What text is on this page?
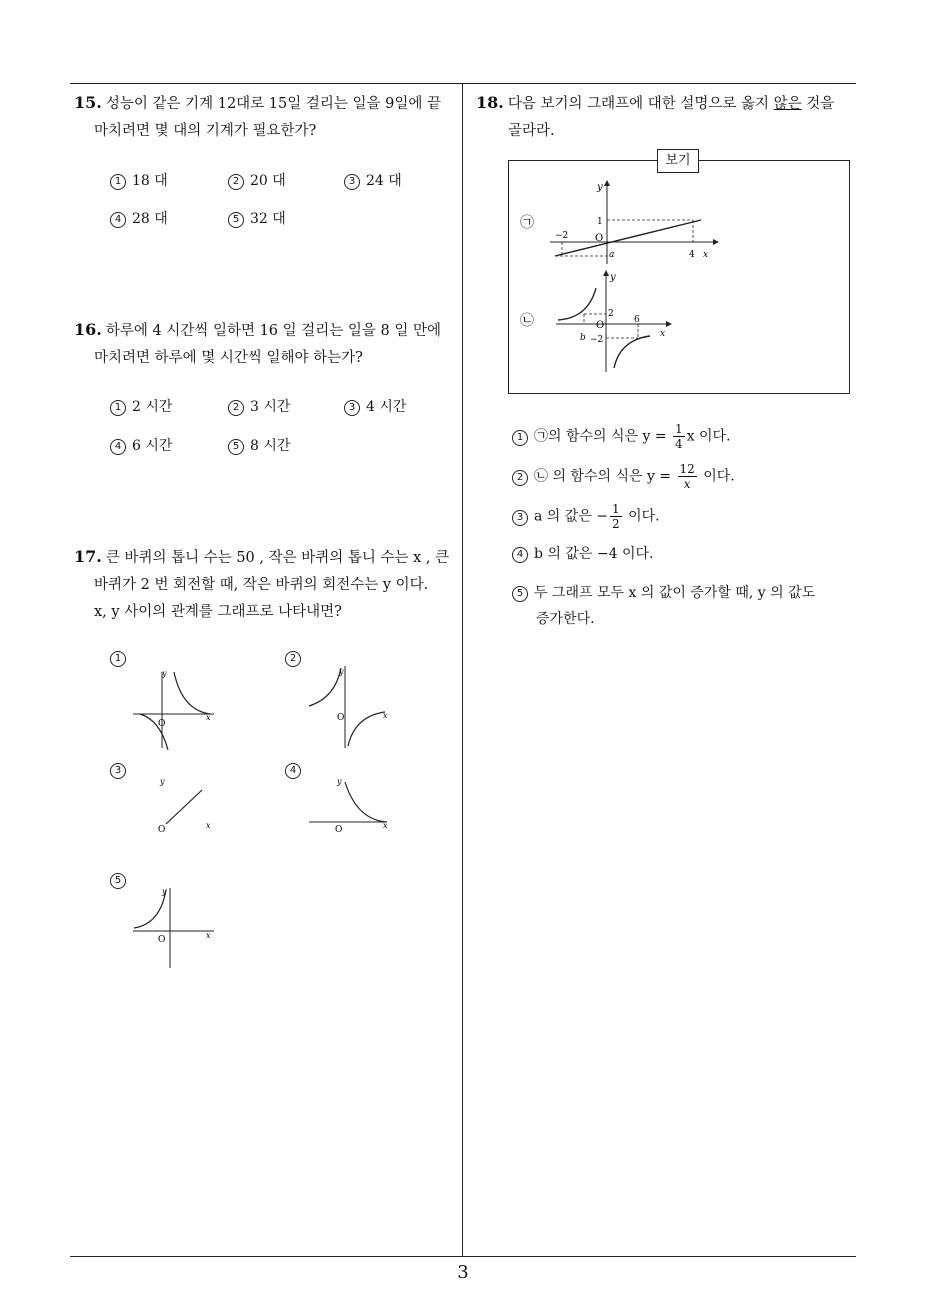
15. 성능이 같은 기계 12대로 15일 걸리는 일을 9일에 끝
마치려면 몇 대의 기계가 필요한가?
1 18 대	2 20 대	3 24 대
4 28 대	5 32 대
16. 하루에 4 시간씩 일하면 16 일 걸리는 일을 8 일 만에
마치려면 하루에 몇 시간씩 일해야 하는가?
1 2 시간	2 3 시간	3 4 시간
4 6 시간	5 8 시간
17. 큰 바퀴의 톱니 수는 50 , 작은 바퀴의 톱니 수는 x , 큰
바퀴가 2 번 회전할 때, 작은 바퀴의 회전수는 y 이다.
x, y 사이의 관계를 그래프로 나타내면?
1	2
3	4
5
O
y
x	O
y
x
O
y
x	O
y
x
O
y
x
18. 다음 보기의 그래프에 대한 설명으로 옳지 않은 것을
골라라.
보기
㉠
㉡
y
1
−2	O
a	4 x
y
2
b
O	6
−2
x
1 ㉠의 함수의 식은 $y = \frac{1}{4}$ x 이다.
2 ㉡ 의 함수의 식은 $y = \frac{12}{x}$ 이다.
3 a 의 값은 − $\frac{1}{2}$ 이다.
4 b 의 값은 −4 이다.
5 두 그래프 모두 x 의 값이 증가할 때, y 의 값도
증가한다.
3
